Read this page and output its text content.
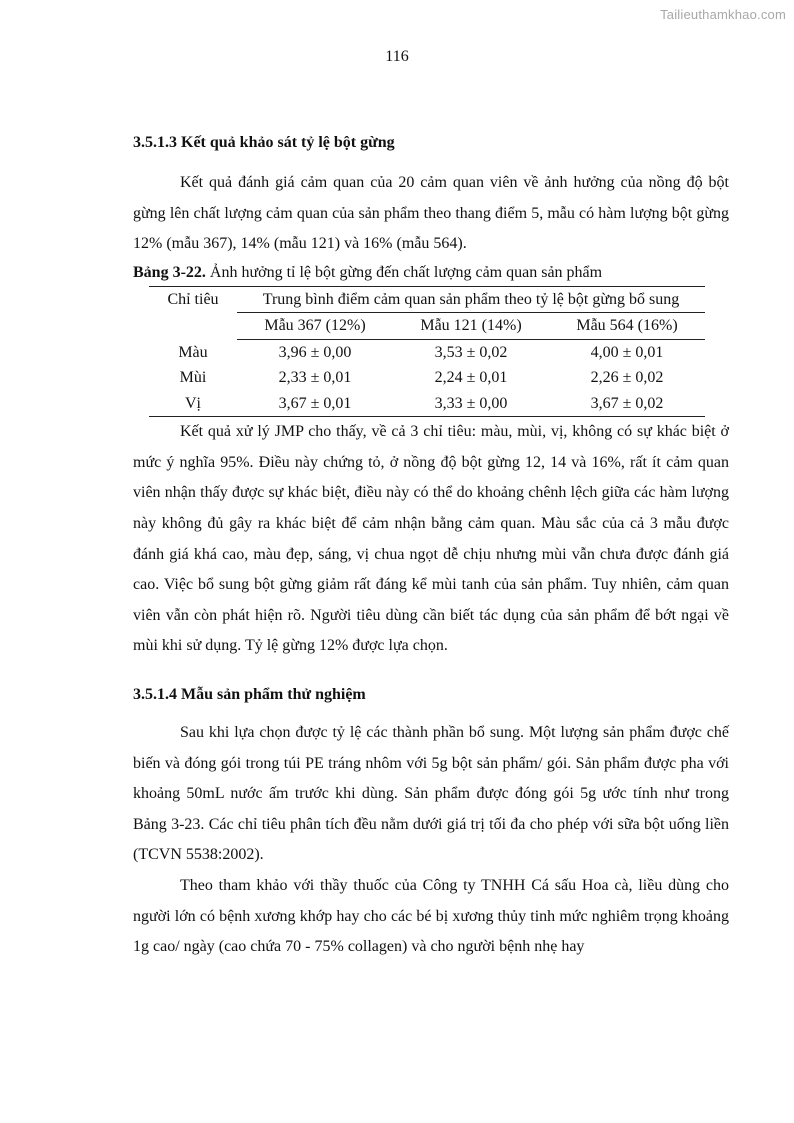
Tailieuthamkhao.com
116
3.5.1.3 Kết quả khảo sát tỷ lệ bột gừng

Kết quả đánh giá cảm quan của 20 cảm quan viên về ảnh hưởng của nồng độ bột gừng lên chất lượng cảm quan của sản phẩm theo thang điểm 5, mẫu có hàm lượng bột gừng 12% (mẫu 367), 14% (mẫu 121) và 16% (mẫu 564).

Bảng 3-22. Ảnh hưởng tỉ lệ bột gừng đến chất lượng cảm quan sản phẩm
Chỉ tiêu	Trung bình điểm cảm quan sản phẩm theo tỷ lệ bột gừng bổ sung		
	Mẫu 367 (12%)	Mẫu 121 (14%)	Mẫu 564 (16%)
Màu	3,96 ± 0,00	3,53 ± 0,02	4,00 ± 0,01
Mùi	2,33 ± 0,01	2,24 ± 0,01	2,26 ± 0,02
Vị	3,67 ± 0,01	3,33 ± 0,00	3,67 ± 0,02

Kết quả xử lý JMP cho thấy, về cả 3 chỉ tiêu: màu, mùi, vị, không có sự khác biệt ở mức ý nghĩa 95%. Điều này chứng tỏ, ở nồng độ bột gừng 12, 14 và 16%, rất ít cảm quan viên nhận thấy được sự khác biệt, điều này có thể do khoảng chênh lệch giữa các hàm lượng này không đủ gây ra khác biệt để cảm nhận bằng cảm quan. Màu sắc của cả 3 mẫu được đánh giá khá cao, màu đẹp, sáng, vị chua ngọt dễ chịu nhưng mùi vẫn chưa được đánh giá cao. Việc bổ sung bột gừng giảm rất đáng kể mùi tanh của sản phẩm. Tuy nhiên, cảm quan viên vẫn còn phát hiện rõ. Người tiêu dùng cần biết tác dụng của sản phẩm để bớt ngại về mùi khi sử dụng. Tỷ lệ gừng 12% được lựa chọn.

3.5.1.4 Mẫu sản phẩm thử nghiệm

Sau khi lựa chọn được tỷ lệ các thành phần bổ sung. Một lượng sản phẩm được chế biến và đóng gói trong túi PE tráng nhôm với 5g bột sản phẩm/ gói. Sản phẩm được pha với khoảng 50mL nước ấm trước khi dùng. Sản phẩm được đóng gói 5g ước tính như trong Bảng 3-23. Các chỉ tiêu phân tích đều nằm dưới giá trị tối đa cho phép với sữa bột uống liền (TCVN 5538:2002).

Theo tham khảo với thầy thuốc của Công ty TNHH Cá sấu Hoa cà, liều dùng cho người lớn có bệnh xương khớp hay cho các bé bị xương thủy tinh mức nghiêm trọng khoảng 1g cao/ ngày (cao chứa 70 - 75% collagen) và cho người bệnh nhẹ hay
